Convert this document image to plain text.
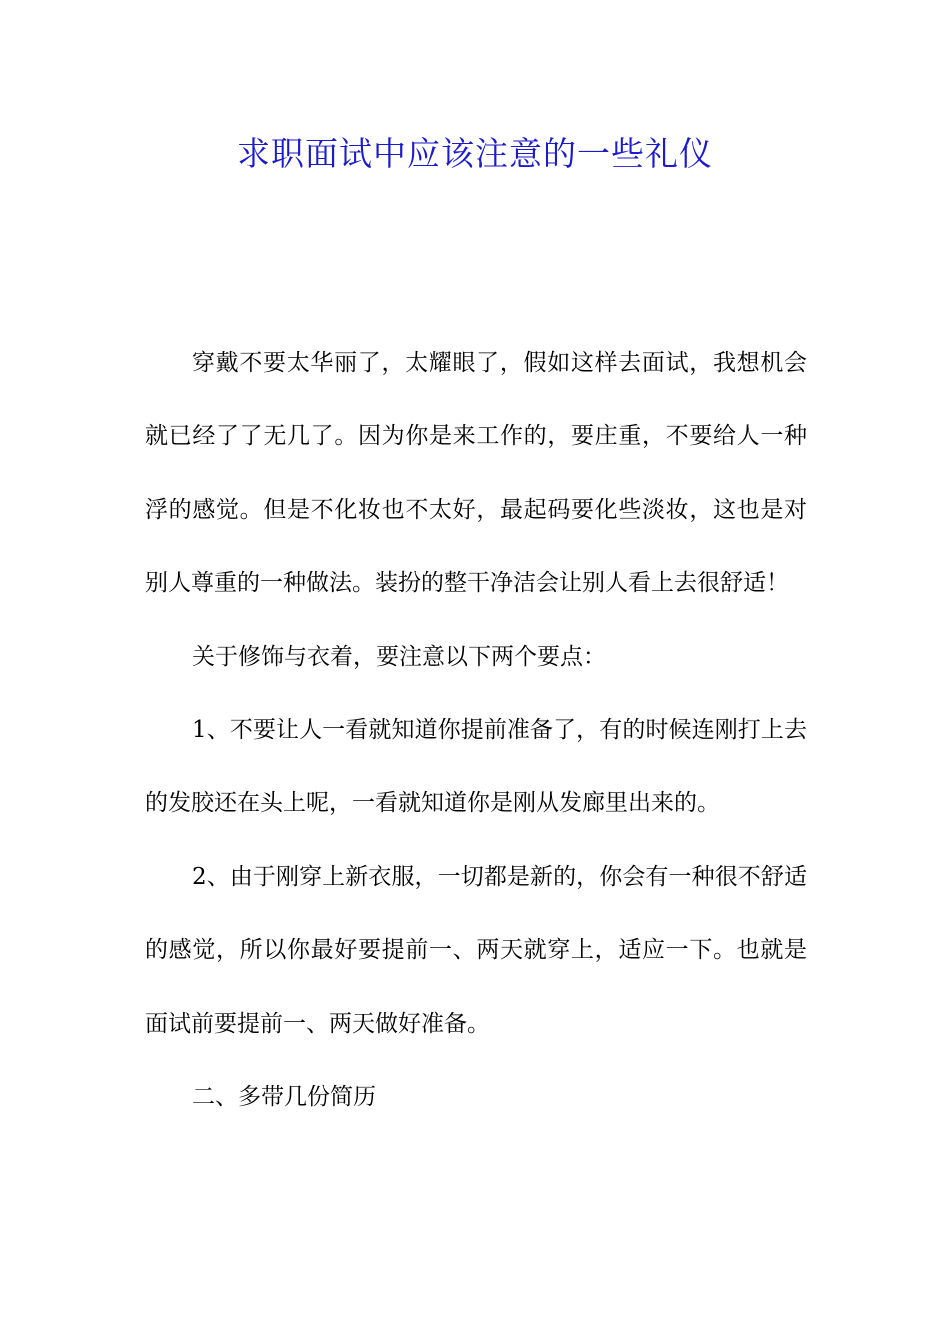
求职面试中应该注意的一些礼仪

穿戴不要太华丽了，太耀眼了，假如这样去面试，我想机会就已经了了无几了。因为你是来工作的，要庄重，不要给人一种浮的感觉。但是不化妆也不太好，最起码要化些淡妆，这也是对别人尊重的一种做法。装扮的整干净洁会让别人看上去很舒适！

关于修饰与衣着，要注意以下两个要点：

1、不要让人一看就知道你提前准备了，有的时候连刚打上去的发胶还在头上呢，一看就知道你是刚从发廊里出来的。

2、由于刚穿上新衣服，一切都是新的，你会有一种很不舒适的感觉，所以你最好要提前一、两天就穿上，适应一下。也就是面试前要提前一、两天做好准备。

二、多带几份简历
